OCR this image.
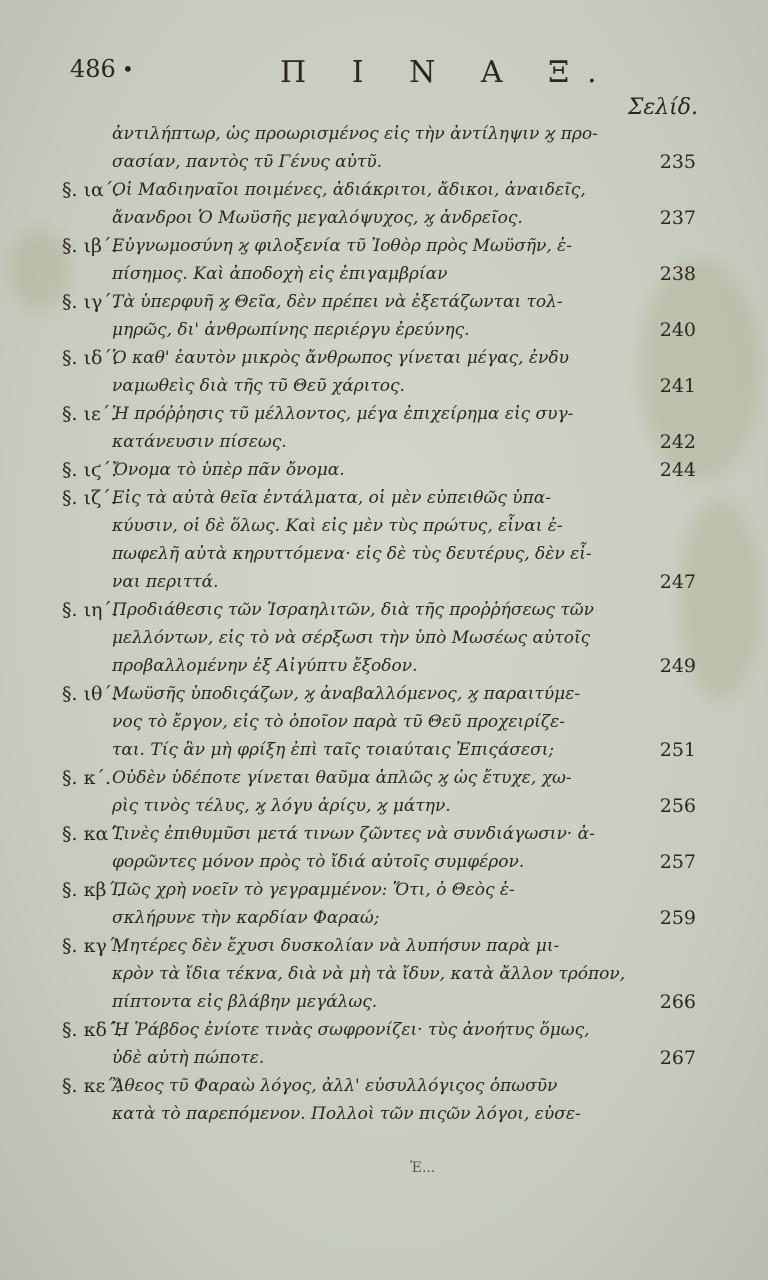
486 •	Π Ι Ν Α Ξ.
Σελίδ.
ἀντιλήπτωρ, ὡς προωρισμένος εἰς τὴν ἀντίληψιν ϗ προ-
σασίαν, παντὸς τῦ Γένυς αὐτῦ.	235
§. ια΄.
Οἱ Μαδιηναῖοι ποιμένες, ἀδιάκριτοι, ἄδικοι, ἀναιδεῖς,
ἄνανδροι Ὁ Μωϋσῆς μεγαλόψυχος, ϗ ἀνδρεῖος.	237
§. ιβ΄.
Εὐγνωμοσύνη ϗ φιλοξενία τῦ Ἰοθὸρ πρὸς Μωϋσῆν, ἐ-
πίσημος. Καὶ ἀποδοχὴ εἰς ἐπιγαμβρίαν	238
§. ιγ΄.
Τὰ ὑπερφυῆ ϗ Θεῖα, δὲν πρέπει νὰ ἐξετάζωνται τολ-
μηρῶς, δι' ἀνθρωπίνης περιέργυ ἐρεύνης.	240
§. ιδ΄.
Ὁ καθ' ἑαυτὸν μικρὸς ἄνθρωπος γίνεται μέγας, ἐνδυ
ναμωθεὶς διὰ τῆς τῦ Θεῦ χάριτος.	241
§. ιε΄.
Ἡ πρόῤῥησις τῦ μέλλοντος, μέγα ἐπιχείρημα εἰς συγ-
κατάνευσιν πίσεως.	242
§. ιϛ΄.
Ὄνομα τὸ ὑπὲρ πᾶν ὄνομα.	244
§. ιζ΄.
Εἰς τὰ αὐτὰ θεῖα ἐντάλματα, οἱ μὲν εὐπειθῶς ὑπα-
κύυσιν, οἱ δὲ ὅλως. Καὶ εἰς μὲν τὺς πρώτυς, εἶναι ἐ-
πωφελῆ αὐτὰ κηρυττόμενα· εἰς δὲ τὺς δευτέρυς, δὲν εἶ-
ναι περιττά.	247
§. ιη΄.
Προδιάθεσις τῶν Ἰσραηλιτῶν, διὰ τῆς προῤῥήσεως τῶν
μελλόντων, εἰς τὸ νὰ σέρξωσι τὴν ὑπὸ Μωσέως αὐτοῖς
προβαλλομένην ἐξ Αἰγύπτυ ἔξοδον.	249
§. ιθ΄.
Μωϋσῆς ὑποδιςάζων, ϗ ἀναβαλλόμενος, ϗ παραιτύμε-
νος τὸ ἔργον, εἰς τὸ ὁποῖον παρὰ τῦ Θεῦ προχειρίζε-
ται. Τίς ἂν μὴ φρίξη ἐπὶ ταῖς τοιαύταις Ἐπιςάσεσι;	251
§. κ΄. Οὐδὲν ὑδέποτε γίνεται θαῦμα ἁπλῶς ϗ ὡς ἔτυχε, χω-
ρὶς τινὸς τέλυς, ϗ λόγυ ἀρίςυ, ϗ μάτην.	256
§. κα΄.
Τινὲς ἐπιθυμῦσι μετά τινων ζῶντες νὰ συνδιάγωσιν· ἀ-
φορῶντες μόνον πρὸς τὸ ἴδιά αὐτοῖς συμφέρον.	257
§. κβ΄.
Πῶς χρὴ νοεῖν τὸ γεγραμμένον: Ὅτι, ὁ Θεὸς ἐ-
σκλήρυνε τὴν καρδίαν Φαραώ;	259
§. κγ΄.
Μητέρες δὲν ἔχυσι δυσκολίαν νὰ λυπήσυν παρὰ μι-
κρὸν τὰ ἴδια τέκνα, διὰ νὰ μὴ τὰ ἴδυν, κατὰ ἄλλον τρόπον,
πίπτοντα εἰς βλάβην μεγάλως.	266
§. κδ΄.
Ἡ Ῥάβδος ἐνίοτε τινὰς σωφρονίζει· τὺς ἀνοήτυς ὅμως,
ὐδὲ αὐτὴ πώποτε.	267
§. κε΄.
Ἄθεος τῦ Φαραὼ λόγος, ἀλλ' εὐσυλλόγιςος ὁπωσῦν
κατὰ τὸ παρεπόμενον. Πολλοὶ τῶν πιςῶν λόγοι, εὐσε-
Ἐ...
